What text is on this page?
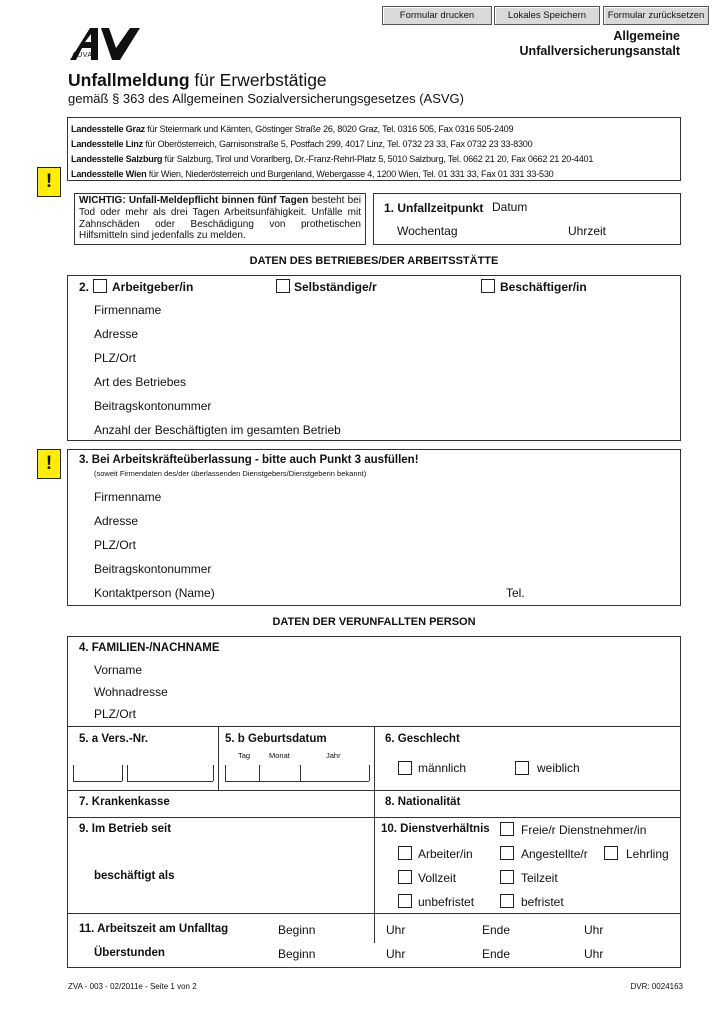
Formular drucken	Lokales Speichern	Formular zurücksetzen
Allgemeine
Unfallversicherungsanstalt
AUVA
Unfallmeldung für Erwerbstätige
gemäß § 363 des Allgemeinen Sozialversicherungsgesetzes (ASVG)
Landesstelle Graz für Steiermark und Kärnten, Göstinger Straße 26, 8020 Graz, Tel. 0316 505, Fax 0316 505-2409
Landesstelle Linz für Oberösterreich, Garnisonstraße 5, Postfach 299, 4017 Linz, Tel. 0732 23 33, Fax 0732 23 33-8300
Landesstelle Salzburg für Salzburg, Tirol und Vorarlberg, Dr.-Franz-Rehrl-Platz 5, 5010 Salzburg, Tel. 0662 21 20, Fax 0662 21 20-4401
Landesstelle Wien für Wien, Niederösterreich und Burgenland, Webergasse 4, 1200 Wien, Tel. 01 331 33, Fax 01 331 33-530
!
WICHTIG: Unfall-Meldepflicht binnen fünf Tagen besteht bei Tod oder mehr als drei Tagen Arbeitsunfähigkeit. Unfälle mit Zahnschäden oder Beschädigung von prothetischen Hilfsmitteln sind jedenfalls zu melden.
1. Unfallzeitpunkt Datum
Wochentag	Uhrzeit
DATEN DES BETRIEBES/DER ARBEITSSTÄTTE
2. Arbeitgeber/in	Selbständige/r	Beschäftiger/in
Firmenname
Adresse
PLZ/Ort
Art des Betriebes
Beitragskontonummer
Anzahl der Beschäftigten im gesamten Betrieb
!	3. Bei Arbeitskräfteüberlassung - bitte auch Punkt 3 ausfüllen!
(soweit Firmendaten des/der überlassenden Dienstgebers/Dienstgeberin bekannt)
Firmenname
Adresse
PLZ/Ort
Beitragskontonummer
Kontaktperson (Name)	Tel.
DATEN DER VERUNFALLTEN PERSON
4. FAMILIEN-/NACHNAME
Vorname
Wohnadresse
PLZ/Ort
5. a Vers.-Nr.	5. b Geburtsdatum
Tag	Monat	Jahr
6. Geschlecht
männlich	weiblich
7. Krankenkasse	8. Nationalität
9. Im Betrieb seit
beschäftigt als
10. Dienstverhältnis	Freie/r Dienstnehmer/in
Arbeiter/in	Angestellte/r	Lehrling
Vollzeit	Teilzeit
unbefristet	befristet
11. Arbeitszeit am Unfalltag	Beginn	Uhr	Ende	Uhr
Überstunden	Beginn	Uhr	Ende	Uhr
ZVA - 003 - 02/2011e - Seite 1 von 2	DVR: 0024163
